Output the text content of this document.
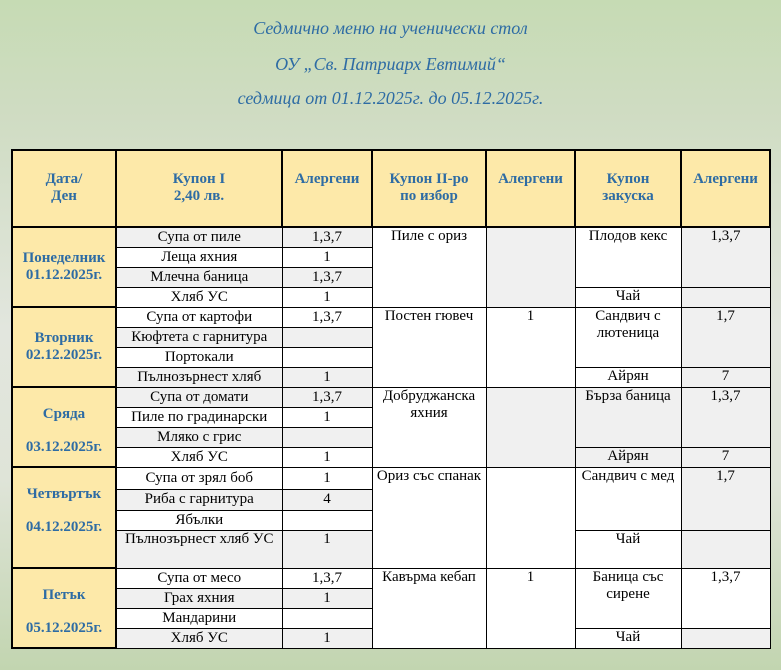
Седмично меню на ученически стол
ОУ „Св. Патриарх Евтимий“
седмица от 01.12.2025г. до 05.12.2025г.
Дата/
Ден	Купон I
2,40 лв.	Алергени	Купон II-ро
по избор	Алергени	Купон
закуска	Алергени
Понеделник
01.12.2025г.	Супа от пиле	1,3,7	Пиле с ориз		Плодов кекс	1,3,7
	Леща яхния	1				
	Млечна баница	1,3,7				
	Хляб УС	1			Чай	
Вторник
02.12.2025г.	Супа от картофи	1,3,7	Постен гювеч	1	Сандвич с лютеница	1,7
	Кюфтета с гарнитура					
	Портокали					
	Пълнозърнест хляб	1			Айрян	7

Сряда
03.12.2025г.	Супа от домати	1,3,7	Добруджанска яхния		Бърза баница	1,3,7
	Пиле по градинарски	1				
	Мляко с грис					
	Хляб УС	1			Айрян	7

Четвъртък
04.12.2025г.	Супа от зрял боб	1	Ориз със спанак		Сандвич с мед	1,7
	Риба с гарнитура	4				
	Ябълки					
	Пълнозърнест хляб УС	1			Чай	

Петък
05.12.2025г.	Супа от месо	1,3,7	Кавърма кебап	1	Баница със сирене	1,3,7
	Грах яхния	1				
	Мандарини					
	Хляб УС	1			Чай	
